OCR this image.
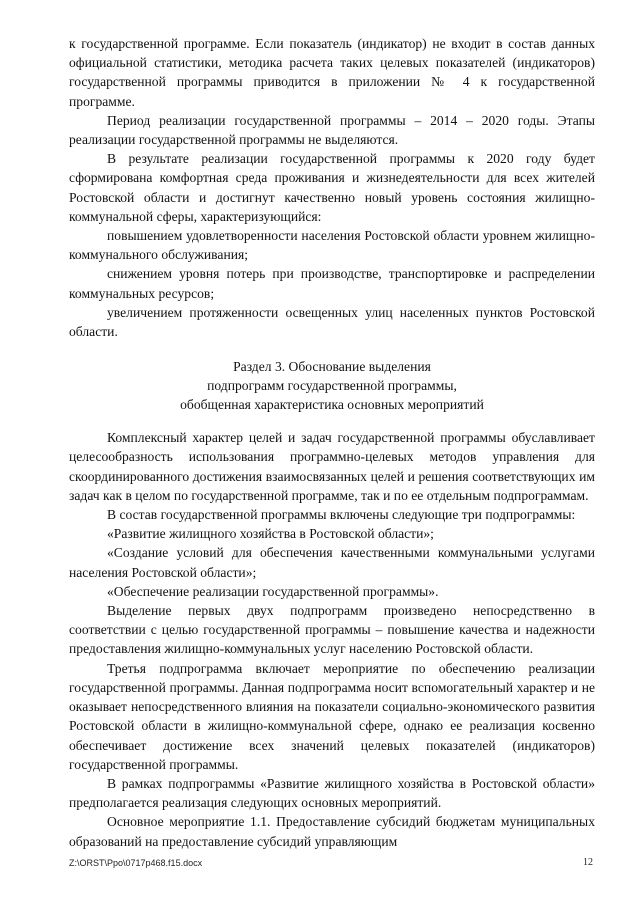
к государственной программе. Если показатель (индикатор) не входит в состав данных официальной статистики, методика расчета таких целевых показателей (индикаторов) государственной программы приводится в приложении № 4 к государственной программе.

Период реализации государственной программы – 2014 – 2020 годы. Этапы реализации государственной программы не выделяются.

В результате реализации государственной программы к 2020 году будет сформирована комфортная среда проживания и жизнедеятельности для всех жителей Ростовской области и достигнут качественно новый уровень состояния жилищно-коммунальной сферы, характеризующийся:

повышением удовлетворенности населения Ростовской области уровнем жилищно-коммунального обслуживания;

снижением уровня потерь при производстве, транспортировке и распределении коммунальных ресурсов;

увеличением протяженности освещенных улиц населенных пунктов Ростовской области.

Раздел 3. Обоснование выделения
подпрограмм государственной программы,
обобщенная характеристика основных мероприятий

Комплексный характер целей и задач государственной программы обуславливает целесообразность использования программно-целевых методов управления для скоординированного достижения взаимосвязанных целей и решения соответствующих им задач как в целом по государственной программе, так и по ее отдельным подпрограммам.

В состав государственной программы включены следующие три подпрограммы:

«Развитие жилищного хозяйства в Ростовской области»;

«Создание условий для обеспечения качественными коммунальными услугами населения Ростовской области»;

«Обеспечение реализации государственной программы».

Выделение первых двух подпрограмм произведено непосредственно в соответствии с целью государственной программы – повышение качества и надежности предоставления жилищно-коммунальных услуг населению Ростовской области.

Третья подпрограмма включает мероприятие по обеспечению реализации государственной программы. Данная подпрограмма носит вспомогательный характер и не оказывает непосредственного влияния на показатели социально-экономического развития Ростовской области в жилищно-коммунальной сфере, однако ее реализация косвенно обеспечивает достижение всех значений целевых показателей (индикаторов) государственной программы.

В рамках подпрограммы «Развитие жилищного хозяйства в Ростовской области» предполагается реализация следующих основных мероприятий.

Основное мероприятие 1.1. Предоставление субсидий бюджетам муниципальных образований на предоставление субсидий управляющим

Z:\ORST\Ppo\0717p468.f15.docx	12
